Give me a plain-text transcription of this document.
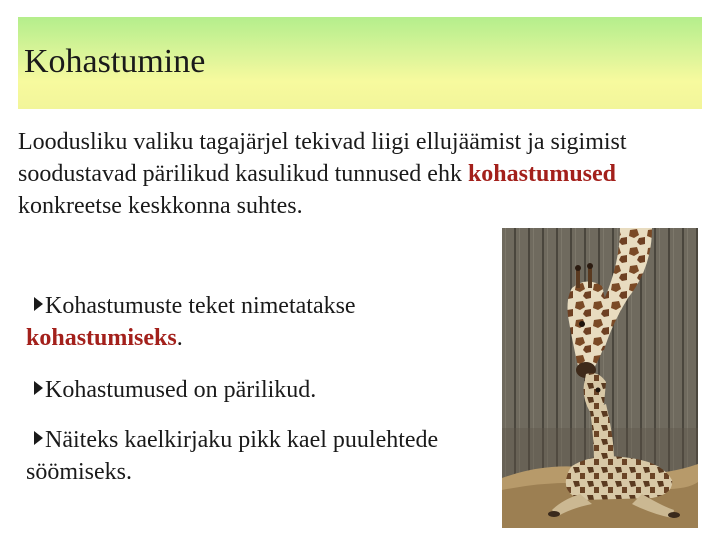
Kohastumine
Loodusliku valiku tagajärjel tekivad liigi ellujäämist ja sigimist soodustavad pärilikud kasulikud tunnused ehk kohastumused konkreetse keskkonna suhtes.
Kohastumuste teket nimetatakse kohastumiseks.
Kohastumused on pärilikud.
Näiteks kaelkirjaku pikk kael puulehtede söömiseks.
